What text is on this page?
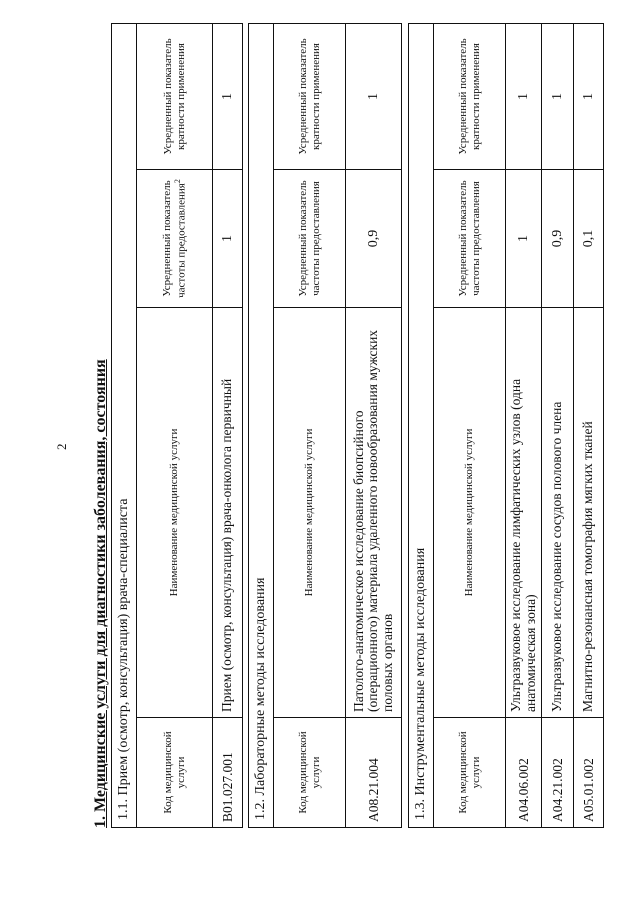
2 1. Медицинские услуги для диагностики заболевания, состояния 1.1. Прием (осмотр, консультация) врача-специалиста			
Код медицинской услуги	Наименование медицинской услуги	Усредненный показатель частоты предоставления$^2$	Усредненный показатель кратности применения
B01.027.001	Прием (осмотр, консультация) врача-онколога первичный	1	1
1.2. Лабораторные методы исследования			
Код медицинской услуги	Наименование медицинской услуги	Усредненный показатель частоты предоставления	Усредненный показатель кратности применения
A08.21.004	Патолого-анатомическое исследование биопсийного (операционного) материала удаленного новообразования мужских половых органов	0,9	1
1.3. Инструментальные методы исследования			
Код медицинской услуги	Наименование медицинской услуги	Усредненный показатель частоты предоставления	Усредненный показатель кратности применения
A04.06.002	Ультразвуковое исследование лимфатических узлов (одна анатомическая зона)	1	1
A04.21.002	Ультразвуковое исследование сосудов полового члена	0,9	1
A05.01.002	Магнитно-резонансная томография мягких тканей	0,1	1
